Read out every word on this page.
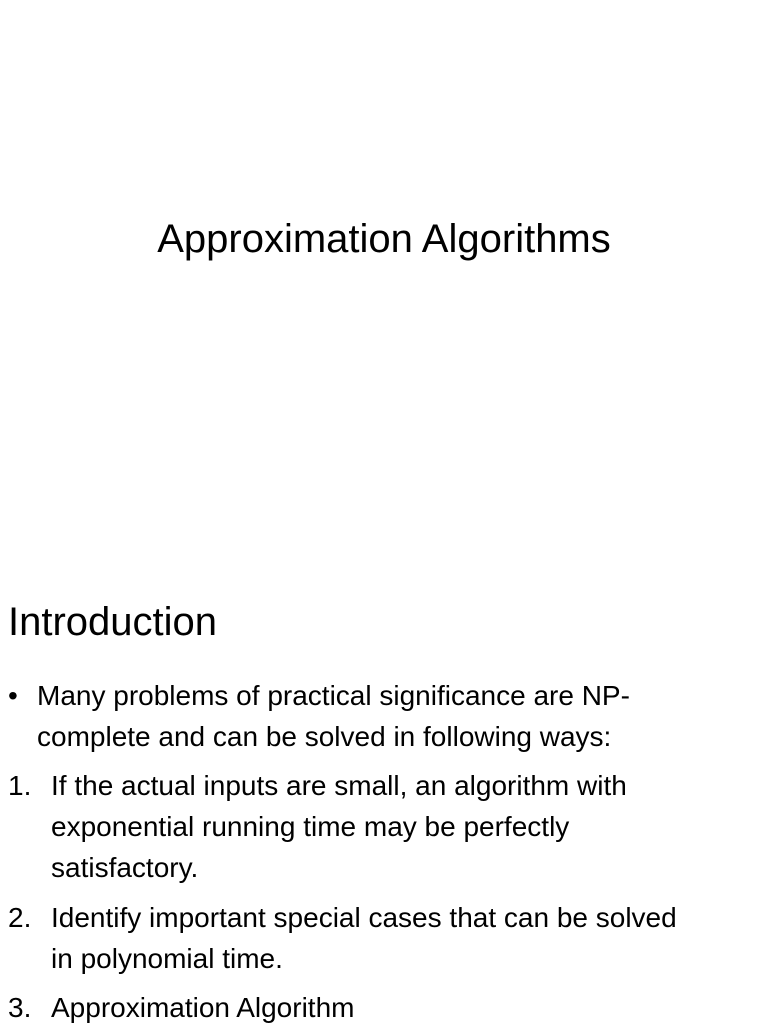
Approximation Algorithms
Introduction
• Many problems of practical significance are NP-
complete and can be solved in following ways:
1. If the actual inputs are small, an algorithm with
exponential running time may be perfectly
satisfactory.
2. Identify important special cases that can be solved
in polynomial time.
3. Approximation Algorithm
